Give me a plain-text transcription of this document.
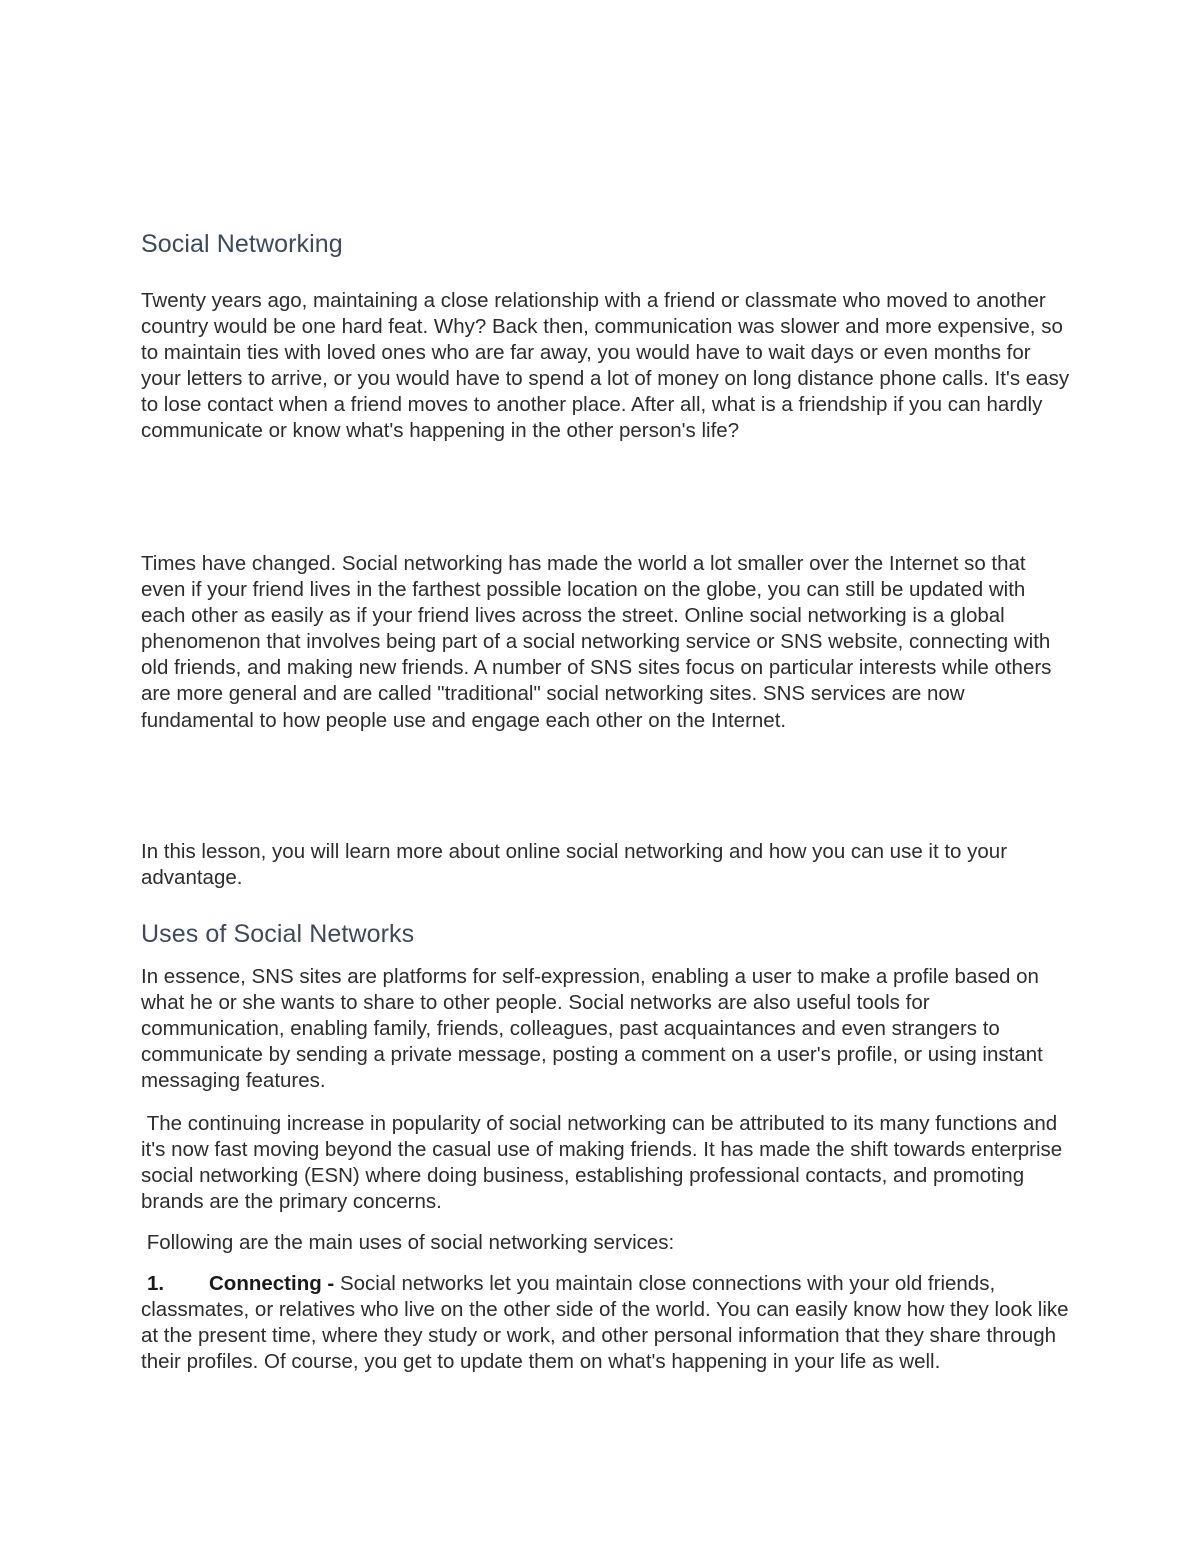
Social Networking

Twenty years ago, maintaining a close relationship with a friend or classmate who moved to another country would be one hard feat. Why? Back then, communication was slower and more expensive, so to maintain ties with loved ones who are far away, you would have to wait days or even months for your letters to arrive, or you would have to spend a lot of money on long distance phone calls. It's easy to lose contact when a friend moves to another place. After all, what is a friendship if you can hardly communicate or know what's happening in the other person's life?

Times have changed. Social networking has made the world a lot smaller over the Internet so that even if your friend lives in the farthest possible location on the globe, you can still be updated with each other as easily as if your friend lives across the street. Online social networking is a global phenomenon that involves being part of a social networking service or SNS website, connecting with old friends, and making new friends. A number of SNS sites focus on particular interests while others are more general and are called "traditional" social networking sites. SNS services are now fundamental to how people use and engage each other on the Internet.

In this lesson, you will learn more about online social networking and how you can use it to your advantage.

Uses of Social Networks

In essence, SNS sites are platforms for self-expression, enabling a user to make a profile based on what he or she wants to share to other people. Social networks are also useful tools for communication, enabling family, friends, colleagues, past acquaintances and even strangers to communicate by sending a private message, posting a comment on a user's profile, or using instant messaging features.

The continuing increase in popularity of social networking can be attributed to its many functions and it's now fast moving beyond the casual use of making friends. It has made the shift towards enterprise social networking (ESN) where doing business, establishing professional contacts, and promoting brands are the primary concerns.

Following are the main uses of social networking services:

1. Connecting - Social networks let you maintain close connections with your old friends, classmates, or relatives who live on the other side of the world. You can easily know how they look like at the present time, where they study or work, and other personal information that they share through their profiles. Of course, you get to update them on what's happening in your life as well.
